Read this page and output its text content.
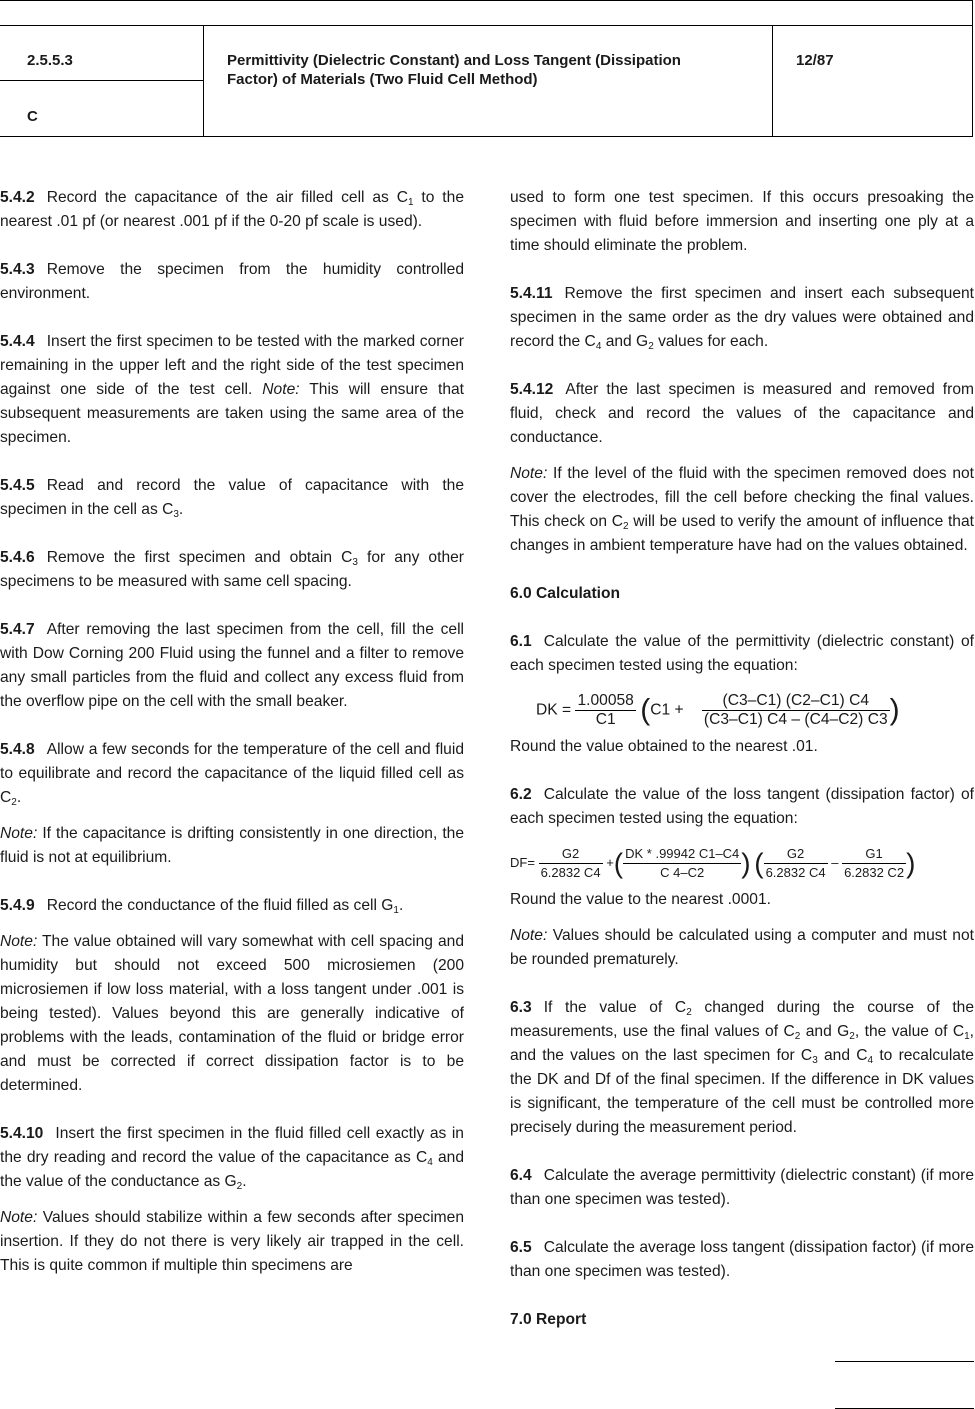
2.5.5.3
C
Permittivity (Dielectric Constant) and Loss Tangent (Dissipation
Factor) of Materials (Two Fluid Cell Method)
12/87

5.4.2 Record the capacitance of the air filled cell as $C_1$ to the nearest .01 pf (or nearest .001 pf if the 0-20 pf scale is used).

5.4.3 Remove the specimen from the humidity controlled environment.

5.4.4 Insert the first specimen to be tested with the marked corner remaining in the upper left and the right side of the test specimen against one side of the test cell. Note: This will ensure that subsequent measurements are taken using the same area of the specimen.

5.4.5 Read and record the value of capacitance with the specimen in the cell as $C_3$.

5.4.6 Remove the first specimen and obtain $C_3$ for any other specimens to be measured with same cell spacing.

5.4.7 After removing the last specimen from the cell, fill the cell with Dow Corning 200 Fluid using the funnel and a filter to remove any small particles from the fluid and collect any excess fluid from the overflow pipe on the cell with the small beaker.

5.4.8 Allow a few seconds for the temperature of the cell and fluid to equilibrate and record the capacitance of the liquid filled cell as $C_2$.

Note: If the capacitance is drifting consistently in one direction, the fluid is not at equilibrium.

5.4.9 Record the conductance of the fluid filled as cell $G_1$.

Note: The value obtained will vary somewhat with cell spacing and humidity but should not exceed 500 microsiemen (200 microsiemen if low loss material, with a loss tangent under .001 is being tested). Values beyond this are generally indicative of problems with the leads, contamination of the fluid or bridge error and must be corrected if correct dissipation factor is to be determined.

5.4.10 Insert the first specimen in the fluid filled cell exactly as in the dry reading and record the value of the capacitance as $C_4$ and the value of the conductance as $G_2$.

Note: Values should stabilize within a few seconds after specimen insertion. If they do not there is very likely air trapped in the cell. This is quite common if multiple thin specimens are

used to form one test specimen. If this occurs presoaking the specimen with fluid before immersion and inserting one ply at a time should eliminate the problem.

5.4.11 Remove the first specimen and insert each subsequent specimen in the same order as the dry values were obtained and record the $C_4$ and $G_2$ values for each.

5.4.12 After the last specimen is measured and removed from fluid, check and record the values of the capacitance and conductance.

Note: If the level of the fluid with the specimen removed does not cover the electrodes, fill the cell before checking the final values. This check on $C_2$ will be used to verify the amount of influence that changes in ambient temperature have had on the values obtained.

6.0 Calculation

6.1 Calculate the value of the permittivity (dielectric constant) of each specimen tested using the equation:

DK = $\frac{1.00058}{C1} (C1 + \frac{(C3-C1) (C2-C1) C4}{(C3-C1) C4 - (C4-C2) C3}$ )

Round the value obtained to the nearest .01.

6.2 Calculate the value of the loss tangent (dissipation factor) of each specimen tested using the equation:

$DF= \frac{G2}{6.2832 C4}$ +( $\frac{DK * .99942 C1-C4}{C 4-C2}$ ) ( $\frac{G2}{6.2832 C4} - \frac{G1}{6.2832 C2}$ )

Round the value to the nearest .0001.

Note: Values should be calculated using a computer and must not be rounded prematurely.

6.3 If the value of $C_2$ changed during the course of the measurements, use the final values of $C_2$ and $G_2$, the value of $C_1$, and the values on the last specimen for $C_3$ and $C_4$ to recalculate the DK and Df of the final specimen. If the difference in DK values is significant, the temperature of the cell must be controlled more precisely during the measurement period.

6.4 Calculate the average permittivity (dielectric constant) (if more than one specimen was tested).

6.5 Calculate the average loss tangent (dissipation factor) (if more than one specimen was tested).

7.0 Report
